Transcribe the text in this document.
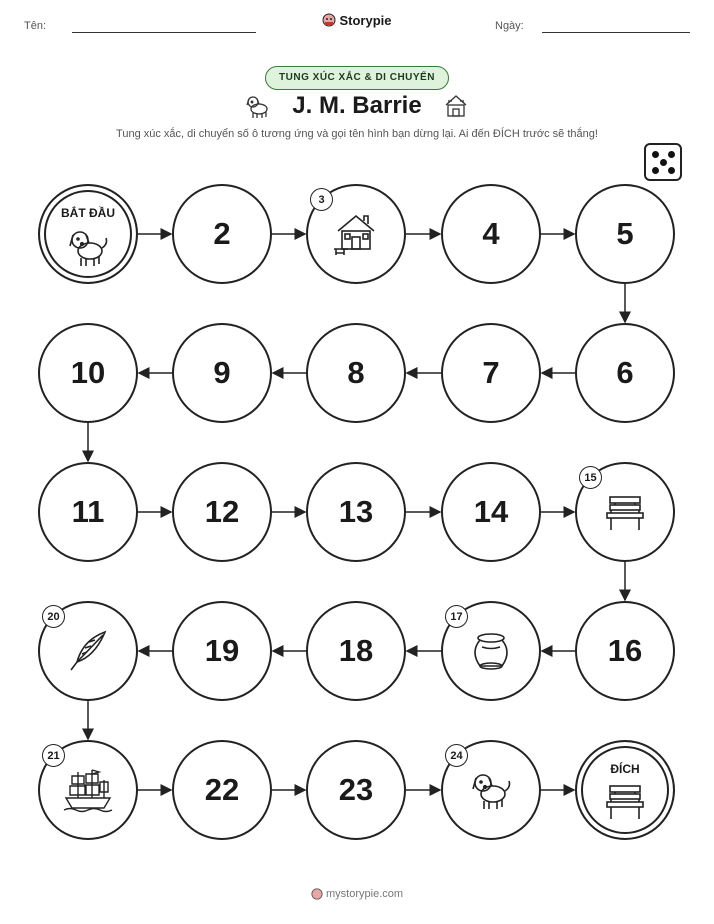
Tên:	Storypie	Ngày:
TUNG XÚC XẮC & DI CHUYỂN
J. M. Barrie
Tung xúc xắc, di chuyển số ô tương ứng và gọi tên hình bạn dừng lại. Ai đến ĐÍCH trước sẽ thắng!
BẮT ĐẦU
2
3
4	5
6
7
8
9
10
11	12	13	14
15
16
17
18
19
20
21
22	23
24
ĐÍCH
mystorypie.com
